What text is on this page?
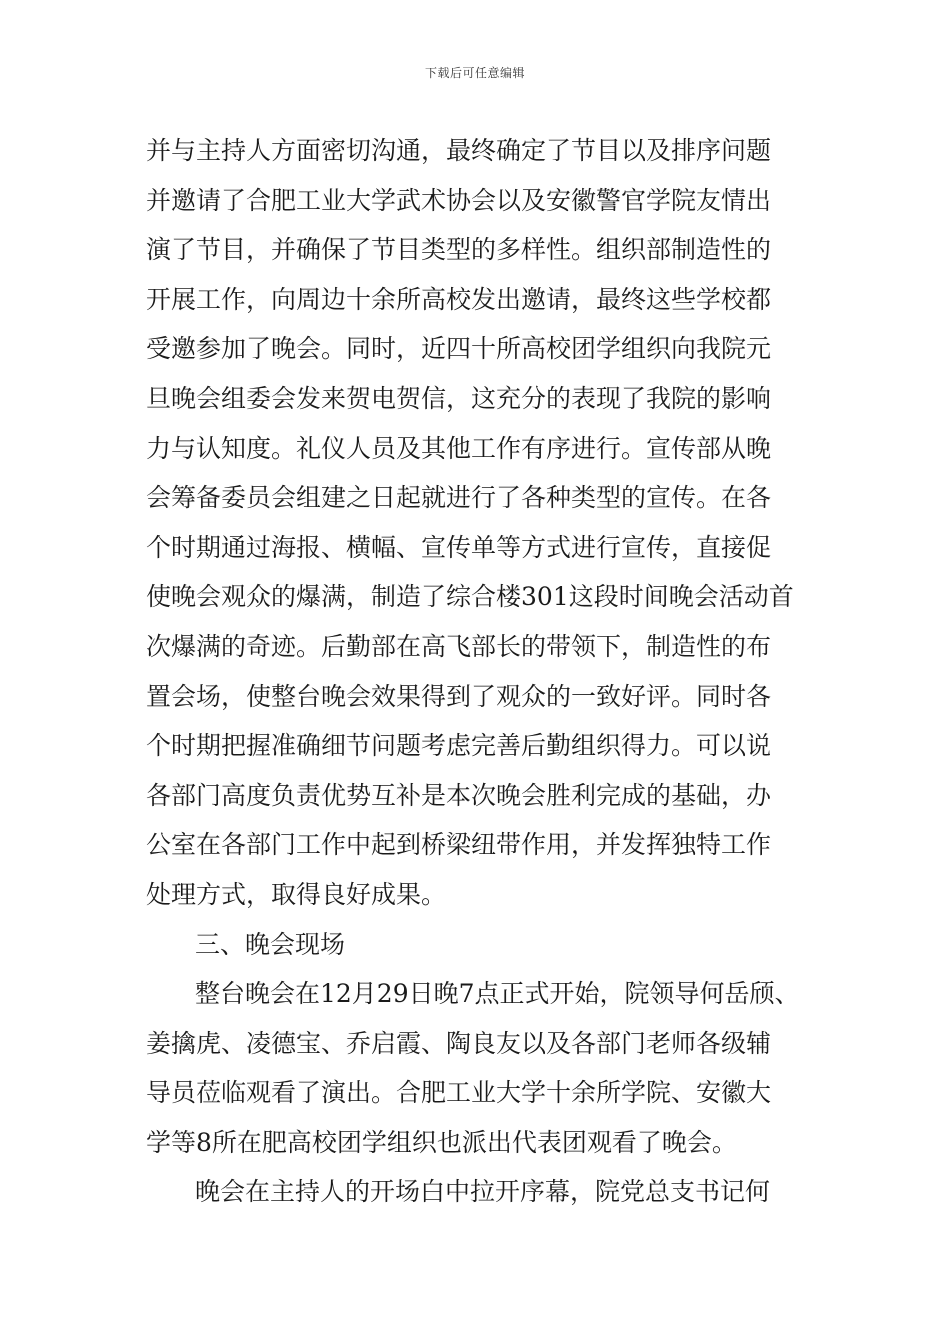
下载后可任意编辑
并与主持人方面密切沟通，最终确定了节目以及排序问题
并邀请了合肥工业大学武术协会以及安徽警官学院友情出
演了节目，并确保了节目类型的多样性。组织部制造性的
开展工作，向周边十余所高校发出邀请，最终这些学校都
受邀参加了晚会。同时，近四十所高校团学组织向我院元
旦晚会组委会发来贺电贺信，这充分的表现了我院的影响
力与认知度。礼仪人员及其他工作有序进行。宣传部从晚
会筹备委员会组建之日起就进行了各种类型的宣传。在各
个时期通过海报、横幅、宣传单等方式进行宣传，直接促
使晚会观众的爆满，制造了综合楼301这段时间晚会活动首
次爆满的奇迹。后勤部在高飞部长的带领下，制造性的布
置会场，使整台晚会效果得到了观众的一致好评。同时各
个时期把握准确细节问题考虑完善后勤组织得力。可以说
各部门高度负责优势互补是本次晚会胜利完成的基础，办
公室在各部门工作中起到桥梁纽带作用，并发挥独特工作
处理方式，取得良好成果。
三、晚会现场
整台晚会在12月29日晚7点正式开始，院领导何岳颀、
姜擒虎、凌德宝、乔启霞、陶良友以及各部门老师各级辅
导员莅临观看了演出。合肥工业大学十余所学院、安徽大
学等8所在肥高校团学组织也派出代表团观看了晚会。
晚会在主持人的开场白中拉开序幕，院党总支书记何
